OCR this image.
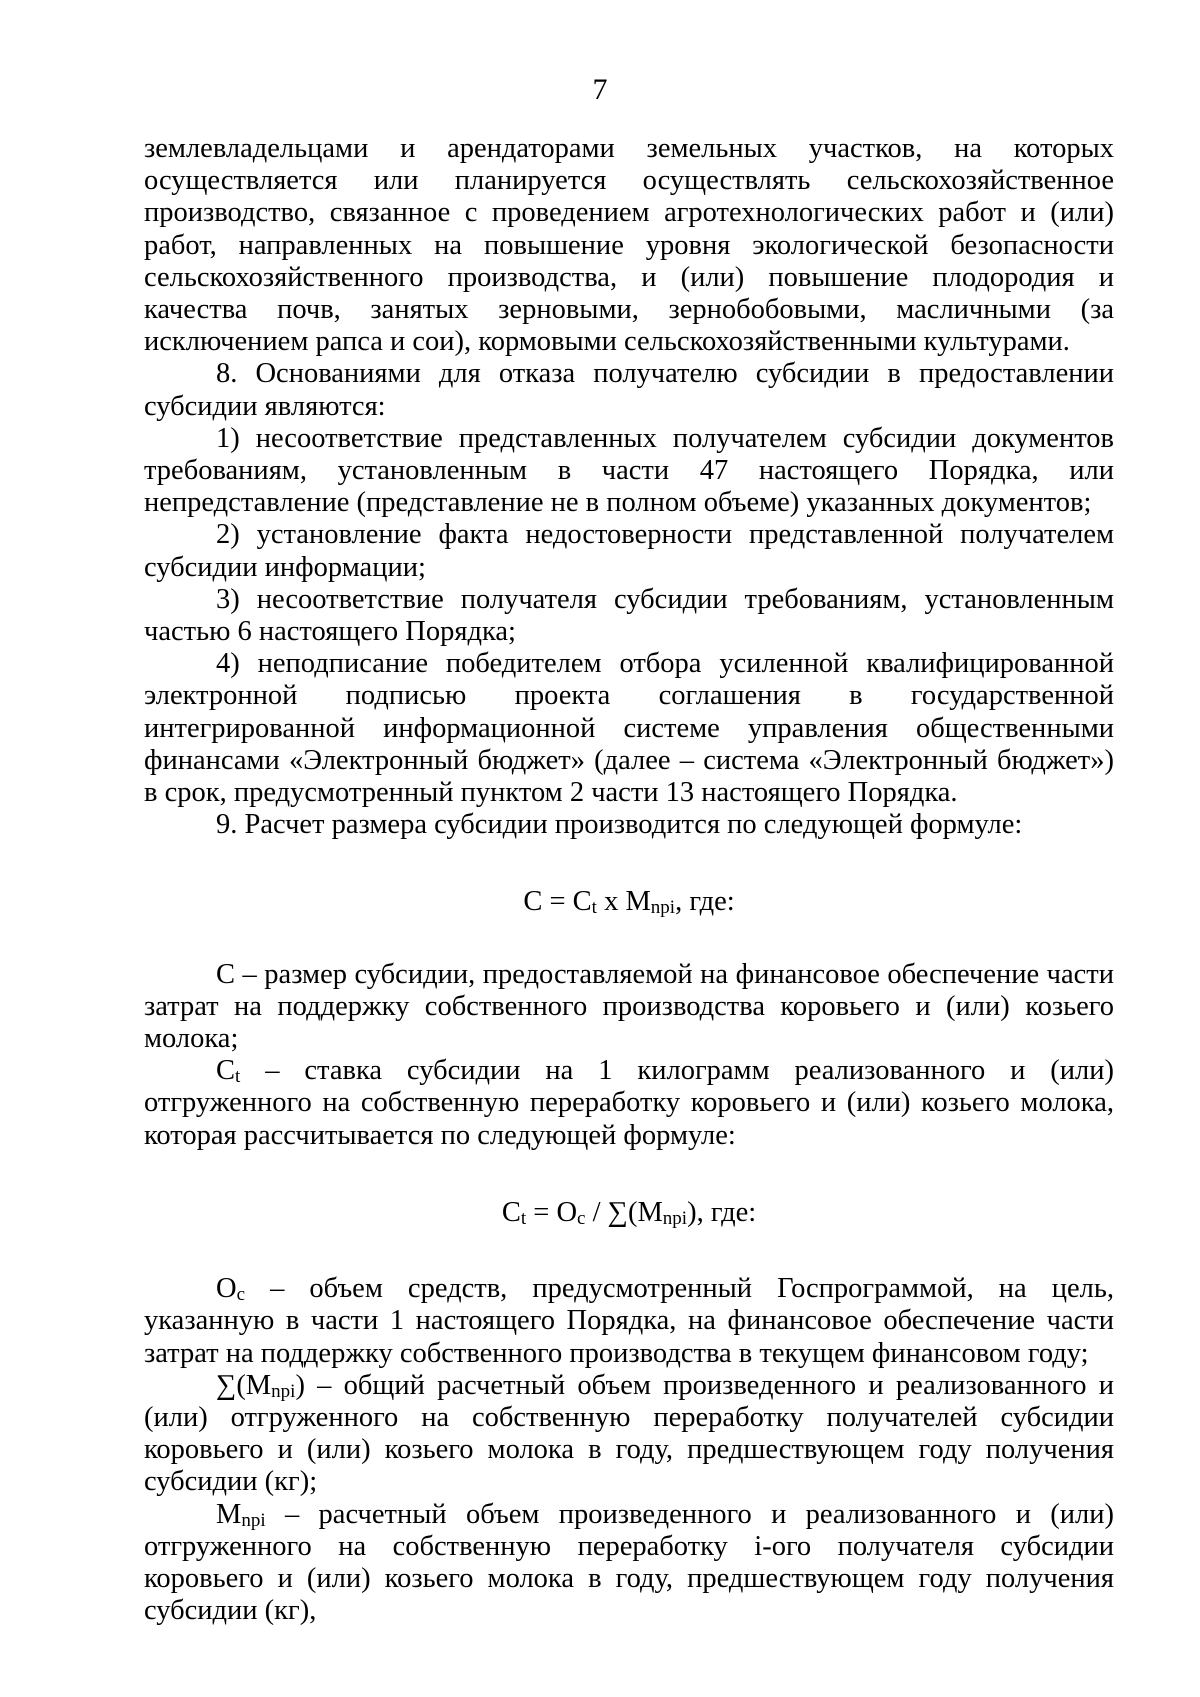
7

землевладельцами и арендаторами земельных участков, на которых осуществляется или планируется осуществлять сельскохозяйственное производство, связанное с проведением агротехнологических работ и (или) работ, направленных на повышение уровня экологической безопасности сельскохозяйственного производства, и (или) повышение плодородия и качества почв, занятых зерновыми, зернобобовыми, масличными (за исключением рапса и сои), кормовыми сельскохозяйственными культурами.

8. Основаниями для отказа получателю субсидии в предоставлении субсидии являются:

1) несоответствие представленных получателем субсидии документов требованиям, установленным в части 47 настоящего Порядка, или непредставление (представление не в полном объеме) указанных документов;

2) установление факта недостоверности представленной получателем субсидии информации;

3) несоответствие получателя субсидии требованиям, установленным частью 6 настоящего Порядка;

4) неподписание победителем отбора усиленной квалифицированной электронной подписью проекта соглашения в государственной интегрированной информационной системе управления общественными финансами «Электронный бюджет» (далее – система «Электронный бюджет») в срок, предусмотренный пунктом 2 части 13 настоящего Порядка.

9. Расчет размера субсидии производится по следующей формуле:

$С = С_t$ x $M_{npi}$, где:

С – размер субсидии, предоставляемой на финансовое обеспечение части затрат на поддержку собственного производства коровьего и (или) козьего молока;

$С_t$ – ставка субсидии на 1 килограмм реализованного и (или) отгруженного на собственную переработку коровьего и (или) козьего молока, которая рассчитывается по следующей формуле:

$С_t = О_c / \sum(M_{npi})$, где:

$О_c$ – объем средств, предусмотренный Госпрограммой, на цель, указанную в части 1 настоящего Порядка, на финансовое обеспечение части затрат на поддержку собственного производства в текущем финансовом году;

$\sum(M_{npi})$ – общий расчетный объем произведенного и реализованного и (или) отгруженного на собственную переработку получателей субсидии коровьего и (или) козьего молока в году, предшествующем году получения субсидии (кг);

$M_{npi}$ – расчетный объем произведенного и реализованного и (или) отгруженного на собственную переработку i-ого получателя субсидии коровьего и (или) козьего молока в году, предшествующем году получения субсидии (кг),
